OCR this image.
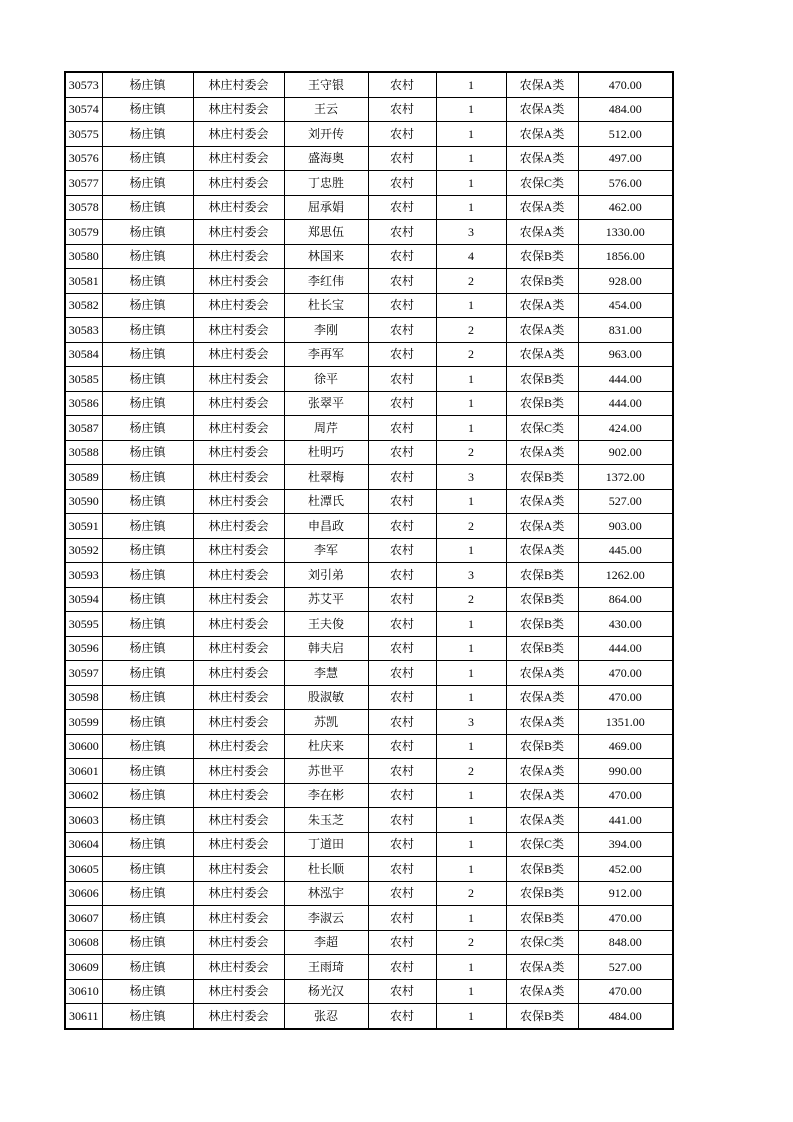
30573	杨庄镇	林庄村委会	王守银	农村	1	农保A类	470.00
30574	杨庄镇	林庄村委会	王云	农村	1	农保A类	484.00
30575	杨庄镇	林庄村委会	刘开传	农村	1	农保A类	512.00
30576	杨庄镇	林庄村委会	盛海奥	农村	1	农保A类	497.00
30577	杨庄镇	林庄村委会	丁忠胜	农村	1	农保C类	576.00
30578	杨庄镇	林庄村委会	屈承娟	农村	1	农保A类	462.00
30579	杨庄镇	林庄村委会	郑思伍	农村	3	农保A类	1330.00
30580	杨庄镇	林庄村委会	林国来	农村	4	农保B类	1856.00
30581	杨庄镇	林庄村委会	李红伟	农村	2	农保B类	928.00
30582	杨庄镇	林庄村委会	杜长宝	农村	1	农保A类	454.00
30583	杨庄镇	林庄村委会	李刚	农村	2	农保A类	831.00
30584	杨庄镇	林庄村委会	李再军	农村	2	农保A类	963.00
30585	杨庄镇	林庄村委会	徐平	农村	1	农保B类	444.00
30586	杨庄镇	林庄村委会	张翠平	农村	1	农保B类	444.00
30587	杨庄镇	林庄村委会	周芹	农村	1	农保C类	424.00
30588	杨庄镇	林庄村委会	杜明巧	农村	2	农保A类	902.00
30589	杨庄镇	林庄村委会	杜翠梅	农村	3	农保B类	1372.00
30590	杨庄镇	林庄村委会	杜潭氏	农村	1	农保A类	527.00
30591	杨庄镇	林庄村委会	申昌政	农村	2	农保A类	903.00
30592	杨庄镇	林庄村委会	李军	农村	1	农保A类	445.00
30593	杨庄镇	林庄村委会	刘引弟	农村	3	农保B类	1262.00
30594	杨庄镇	林庄村委会	苏艾平	农村	2	农保B类	864.00
30595	杨庄镇	林庄村委会	王夫俊	农村	1	农保B类	430.00
30596	杨庄镇	林庄村委会	韩夫启	农村	1	农保B类	444.00
30597	杨庄镇	林庄村委会	李慧	农村	1	农保A类	470.00
30598	杨庄镇	林庄村委会	股淑敏	农村	1	农保A类	470.00
30599	杨庄镇	林庄村委会	苏凯	农村	3	农保A类	1351.00
30600	杨庄镇	林庄村委会	杜庆来	农村	1	农保B类	469.00
30601	杨庄镇	林庄村委会	苏世平	农村	2	农保A类	990.00
30602	杨庄镇	林庄村委会	李在彬	农村	1	农保A类	470.00
30603	杨庄镇	林庄村委会	朱玉芝	农村	1	农保A类	441.00
30604	杨庄镇	林庄村委会	丁道田	农村	1	农保C类	394.00
30605	杨庄镇	林庄村委会	杜长顺	农村	1	农保B类	452.00
30606	杨庄镇	林庄村委会	林泓宇	农村	2	农保B类	912.00
30607	杨庄镇	林庄村委会	李淑云	农村	1	农保B类	470.00
30608	杨庄镇	林庄村委会	李超	农村	2	农保C类	848.00
30609	杨庄镇	林庄村委会	王雨琦	农村	1	农保A类	527.00
30610	杨庄镇	林庄村委会	杨光汉	农村	1	农保A类	470.00
30611	杨庄镇	林庄村委会	张忍	农村	1	农保B类	484.00
